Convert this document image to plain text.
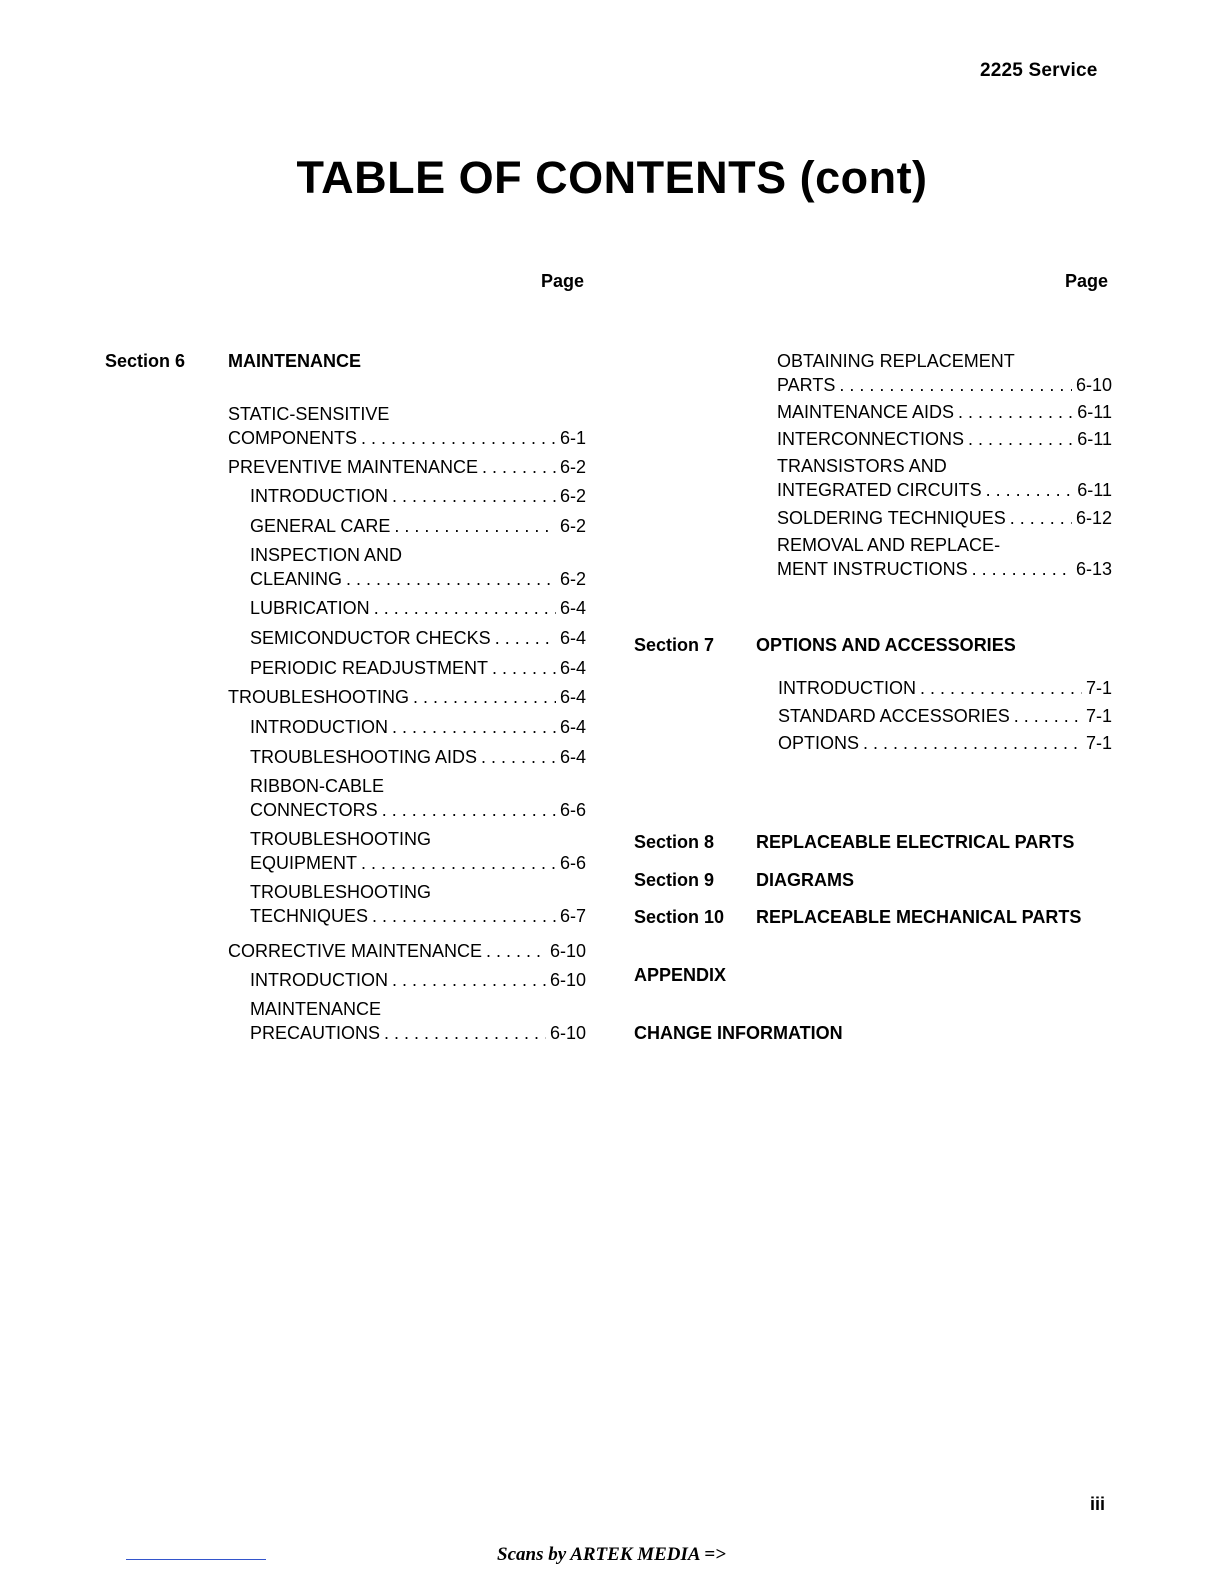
2225 Service
TABLE OF CONTENTS (cont)
Page	Page
Section 6 MAINTENANCE
STATIC-SENSITIVE
COMPONENTS . . .	6-1
PREVENTIVE MAINTENANCE . . .	6-2
INTRODUCTION . . .	6-2
GENERAL CARE . . .	6-2
INSPECTION AND
CLEANING . . .	6-2
LUBRICATION . . .	6-4
SEMICONDUCTOR CHECKS . . .	6-4
PERIODIC READJUSTMENT . . .	6-4
TROUBLESHOOTING . . .	6-4
INTRODUCTION . . .	6-4
TROUBLESHOOTING AIDS . . .	6-4
RIBBON-CABLE
CONNECTORS . . .	6-6
TROUBLESHOOTING
EQUIPMENT . . .	6-6
TROUBLESHOOTING
TECHNIQUES . . .	6-7
CORRECTIVE MAINTENANCE . . .	6-10
INTRODUCTION . . .	6-10
MAINTENANCE
PRECAUTIONS . . .	6-10
OBTAINING REPLACEMENT
PARTS . . .	6-10
MAINTENANCE AIDS . . .	6-11
INTERCONNECTIONS . . .	6-11
TRANSISTORS AND
INTEGRATED CIRCUITS . . .	6-11
SOLDERING TECHNIQUES . . .	6-12
REMOVAL AND REPLACE-
MENT INSTRUCTIONS . . .	6-13
Section 7 OPTIONS AND ACCESSORIES
INTRODUCTION . . .	7-1
STANDARD ACCESSORIES . . .	7-1
OPTIONS . . .	7-1
Section 8 REPLACEABLE ELECTRICAL PARTS
Section 9 DIAGRAMS
Section 10 REPLACEABLE MECHANICAL PARTS
APPENDIX
CHANGE INFORMATION
iii
Scans by ARTEK MEDIA =>
